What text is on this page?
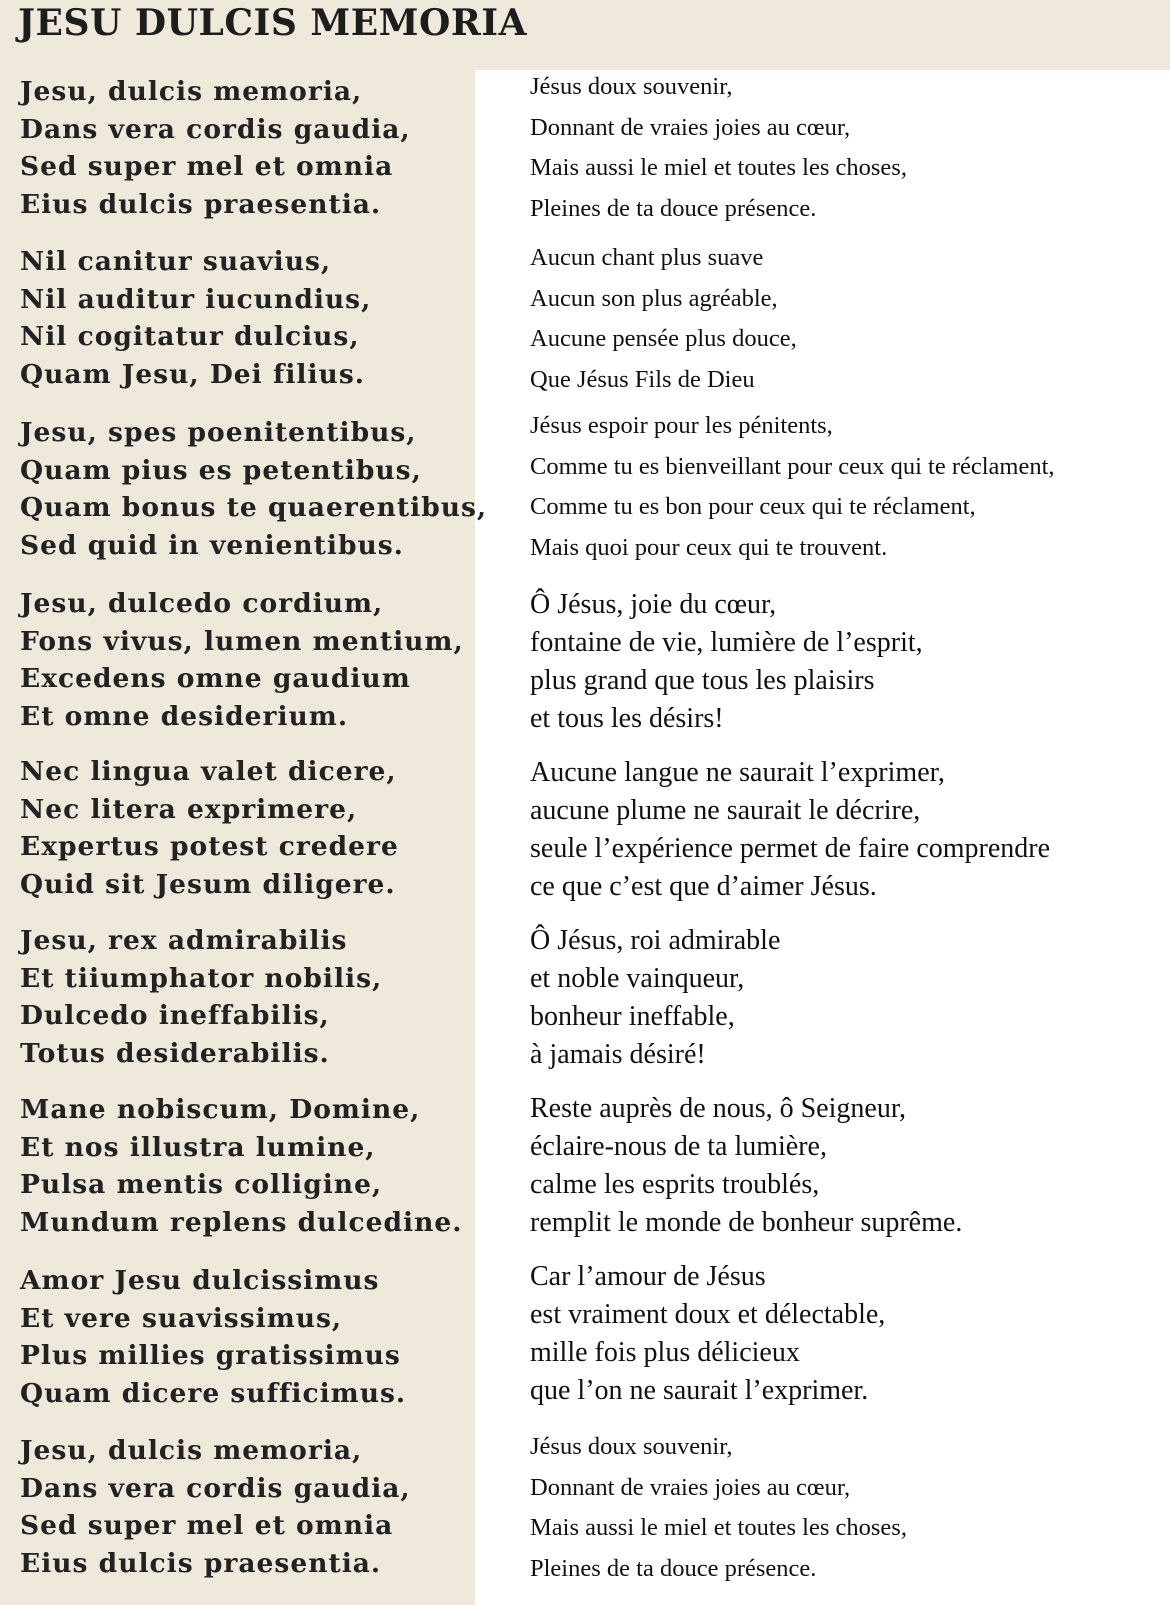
JESU DULCIS MEMORIA
Jesu, dulcis memoria,
Dans vera cordis gaudia,
Sed super mel et omnia
Eius dulcis praesentia.
Nil canitur suavius,
Nil auditur iucundius,
Nil cogitatur dulcius,
Quam Jesu, Dei filius.
Jesu, spes poenitentibus,
Quam pius es petentibus,
Quam bonus te quaerentibus,
Sed quid in venientibus.
Jesu, dulcedo cordium,
Fons vivus, lumen mentium,
Excedens omne gaudium
Et omne desiderium.
Nec lingua valet dicere,
Nec litera exprimere,
Expertus potest credere
Quid sit Jesum diligere.
Jesu, rex admirabilis
Et tiiumphator nobilis,
Dulcedo ineffabilis,
Totus desiderabilis.
Mane nobiscum, Domine,
Et nos illustra lumine,
Pulsa mentis colligine,
Mundum replens dulcedine.
Amor Jesu dulcissimus
Et vere suavissimus,
Plus millies gratissimus
Quam dicere sufficimus.
Jesu, dulcis memoria,
Dans vera cordis gaudia,
Sed super mel et omnia
Eius dulcis praesentia.
Jésus doux souvenir,
Donnant de vraies joies au cœur,
Mais aussi le miel et toutes les choses,
Pleines de ta douce présence.
Aucun chant plus suave
Aucun son plus agréable,
Aucune pensée plus douce,
Que Jésus Fils de Dieu
Jésus espoir pour les pénitents,
Comme tu es bienveillant pour ceux qui te réclament,
Comme tu es bon pour ceux qui te réclament,
Mais quoi pour ceux qui te trouvent.
Ô Jésus, joie du cœur,
fontaine de vie, lumière de l’esprit,
plus grand que tous les plaisirs
et tous les désirs!
Aucune langue ne saurait l’exprimer,
aucune plume ne saurait le décrire,
seule l’expérience permet de faire comprendre
ce que c’est que d’aimer Jésus.
Ô Jésus, roi admirable
et noble vainqueur,
bonheur ineffable,
à jamais désiré!
Reste auprès de nous, ô Seigneur,
éclaire-nous de ta lumière,
calme les esprits troublés,
remplit le monde de bonheur suprême.
Car l’amour de Jésus
est vraiment doux et délectable,
mille fois plus délicieux
que l’on ne saurait l’exprimer.
Jésus doux souvenir,
Donnant de vraies joies au cœur,
Mais aussi le miel et toutes les choses,
Pleines de ta douce présence.
